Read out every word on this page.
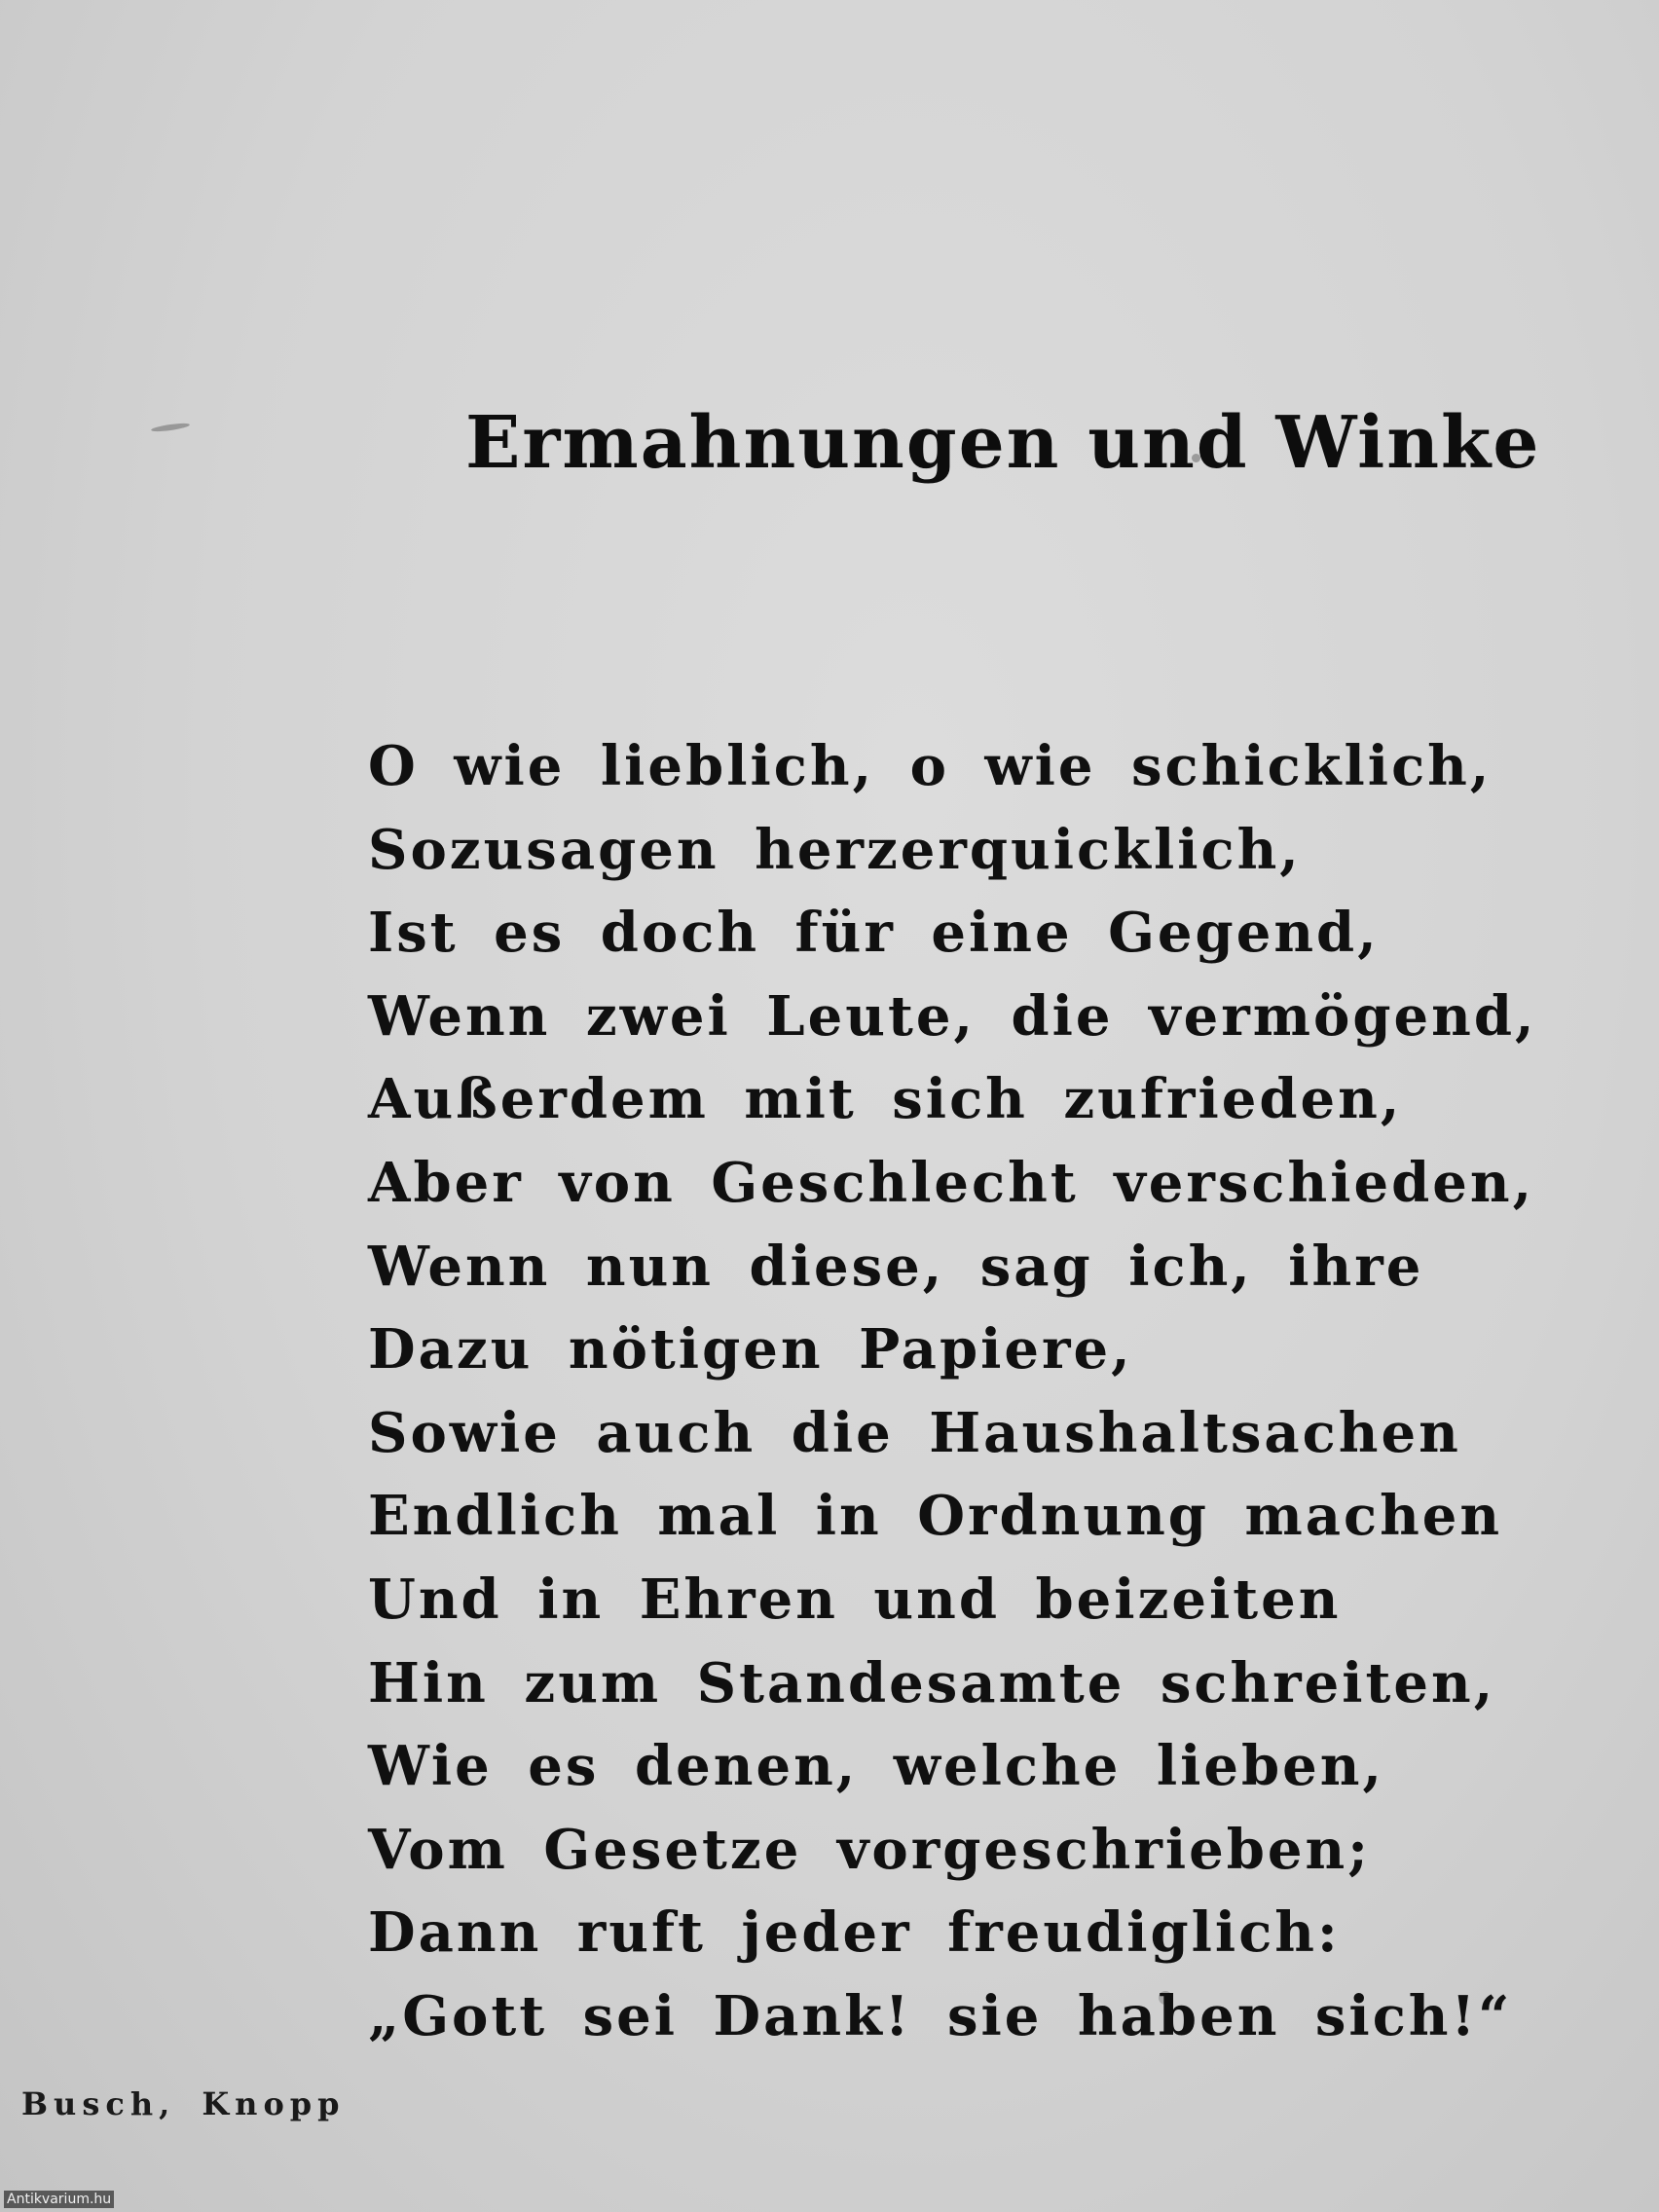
Ermahnungen und Winke
O wie lieblich, o wie schicklich,
Sozusagen herzerquicklich,
Ist es doch für eine Gegend,
Wenn zwei Leute, die vermögend,
Außerdem mit sich zufrieden,
Aber von Geschlecht verschieden,
Wenn nun diese, sag ich, ihre
Dazu nötigen Papiere,
Sowie auch die Haushaltsachen
Endlich mal in Ordnung machen
Und in Ehren und beizeiten
Hin zum Standesamte schreiten,
Wie es denen, welche lieben,
Vom Gesetze vorgeschrieben;
Dann ruft jeder freudiglich:
„Gott sei Dank! sie haben sich!“
Busch, Knopp
Antikvarium.hu
